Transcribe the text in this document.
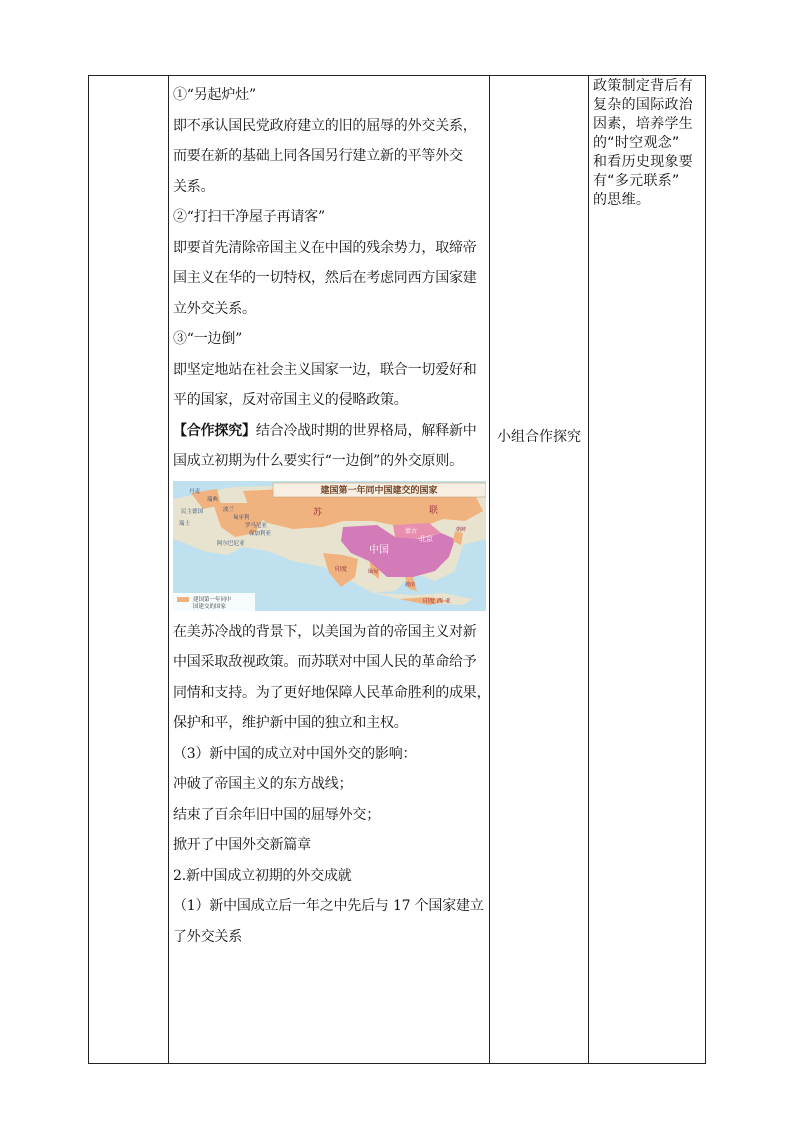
①“另起炉灶”
即不承认国民党政府建立的旧的屈辱的外交关系，
而要在新的基础上同各国另行建立新的平等外交
关系。
②“打扫干净屋子再请客”
即要首先清除帝国主义在中国的残余势力，取缔帝
国主义在华的一切特权，然后在考虑同西方国家建
立外交关系。
③“一边倒”
即坚定地站在社会主义国家一边，联合一切爱好和
平的国家，反对帝国主义的侵略政策。
【合作探究】结合冷战时期的世界格局，解释新中
国成立初期为什么要实行“一边倒”的外交原则。
建国第一年同中国建交的国家
苏	联
中国
北京
蒙古
印度
印度 西 亚
缅甸
朝鲜
越南
丹麦
瑞典
民主德国
瑞士
波兰
匈牙利
罗马尼亚
保加利亚
阿尔巴尼亚
建国第一年同中
国建交的国家
在美苏冷战的背景下，以美国为首的帝国主义对新
中国采取敌视政策。而苏联对中国人民的革命给予
同情和支持。为了更好地保障人民革命胜利的成果，
保护和平，维护新中国的独立和主权。
（3）新中国的成立对中国外交的影响：
冲破了帝国主义的东方战线；
结束了百余年旧中国的屈辱外交；
掀开了中国外交新篇章
2.新中国成立初期的外交成就
（1）新中国成立后一年之中先后与 17 个国家建立
了外交关系
小组合作探究
政策制定背后有
复杂的国际政治
因素，培养学生
的“时空观念”
和看历史现象要
有“多元联系”
的思维。
